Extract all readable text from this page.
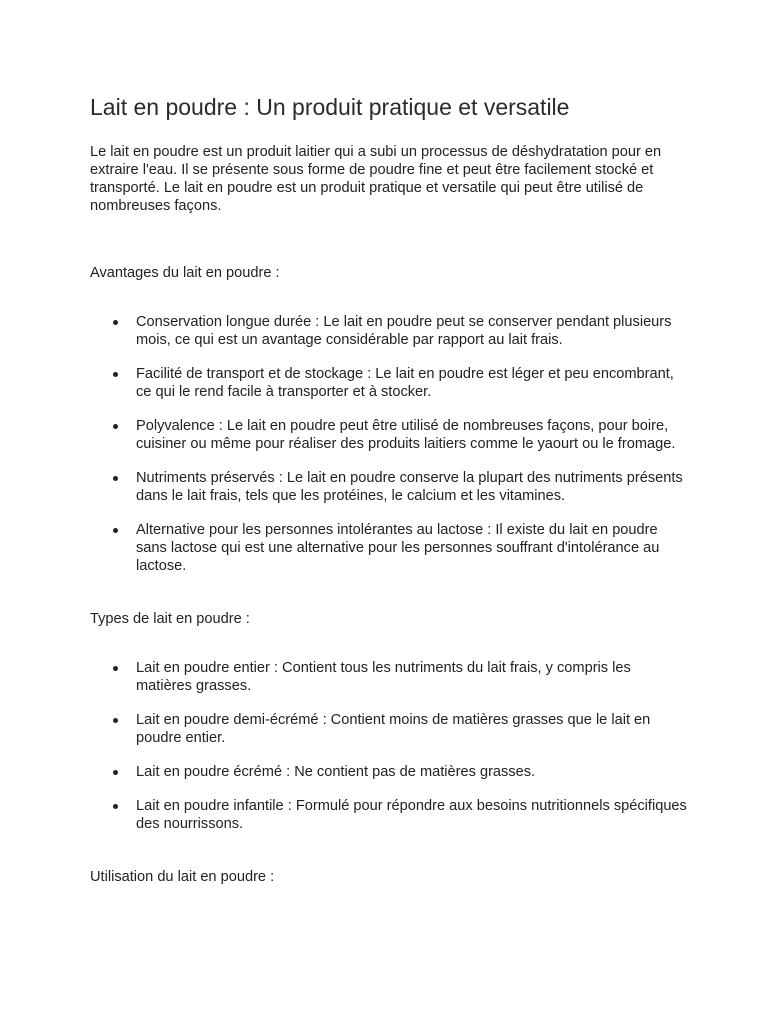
Lait en poudre : Un produit pratique et versatile

Le lait en poudre est un produit laitier qui a subi un processus de déshydratation pour en extraire l'eau. Il se présente sous forme de poudre fine et peut être facilement stocké et transporté. Le lait en poudre est un produit pratique et versatile qui peut être utilisé de nombreuses façons.

Avantages du lait en poudre :

Conservation longue durée : Le lait en poudre peut se conserver pendant plusieurs mois, ce qui est un avantage considérable par rapport au lait frais.
Facilité de transport et de stockage : Le lait en poudre est léger et peu encombrant, ce qui le rend facile à transporter et à stocker.
Polyvalence : Le lait en poudre peut être utilisé de nombreuses façons, pour boire, cuisiner ou même pour réaliser des produits laitiers comme le yaourt ou le fromage.
Nutriments préservés : Le lait en poudre conserve la plupart des nutriments présents dans le lait frais, tels que les protéines, le calcium et les vitamines.
Alternative pour les personnes intolérantes au lactose : Il existe du lait en poudre sans lactose qui est une alternative pour les personnes souffrant d'intolérance au lactose.

Types de lait en poudre :

Lait en poudre entier : Contient tous les nutriments du lait frais, y compris les matières grasses.
Lait en poudre demi-écrémé : Contient moins de matières grasses que le lait en poudre entier.
Lait en poudre écrémé : Ne contient pas de matières grasses.
Lait en poudre infantile : Formulé pour répondre aux besoins nutritionnels spécifiques des nourrissons.

Utilisation du lait en poudre :
